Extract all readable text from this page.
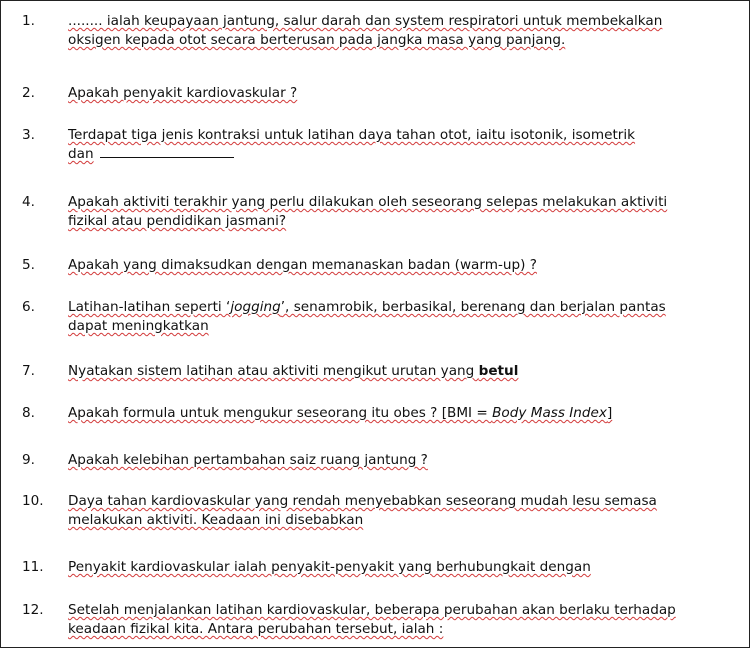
1. ........ ialah keupayaan jantung, salur darah dan system respiratori untuk membekalkan
oksigen kepada otot secara berterusan pada jangka masa yang panjang.
2. Apakah penyakit kardiovaskular ?
3. Terdapat tiga jenis kontraksi untuk latihan daya tahan otot, iaitu isotonik, isometrik
dan
4. Apakah aktiviti terakhir yang perlu dilakukan oleh seseorang selepas melakukan aktiviti
fizikal atau pendidikan jasmani?
5. Apakah yang dimaksudkan dengan memanaskan badan (warm-up) ?
6. Latihan-latihan seperti ‘jogging’, senamrobik, berbasikal, berenang dan berjalan pantas
dapat meningkatkan
7. Nyatakan sistem latihan atau aktiviti mengikut urutan yang betul
8. Apakah formula untuk mengukur seseorang itu obes ? [BMI = Body Mass Index]
9. Apakah kelebihan pertambahan saiz ruang jantung ?
10. Daya tahan kardiovaskular yang rendah menyebabkan seseorang mudah lesu semasa
melakukan aktiviti. Keadaan ini disebabkan
11. Penyakit kardiovaskular ialah penyakit-penyakit yang berhubungkait dengan
12. Setelah menjalankan latihan kardiovaskular, beberapa perubahan akan berlaku terhadap
keadaan fizikal kita. Antara perubahan tersebut, ialah :
